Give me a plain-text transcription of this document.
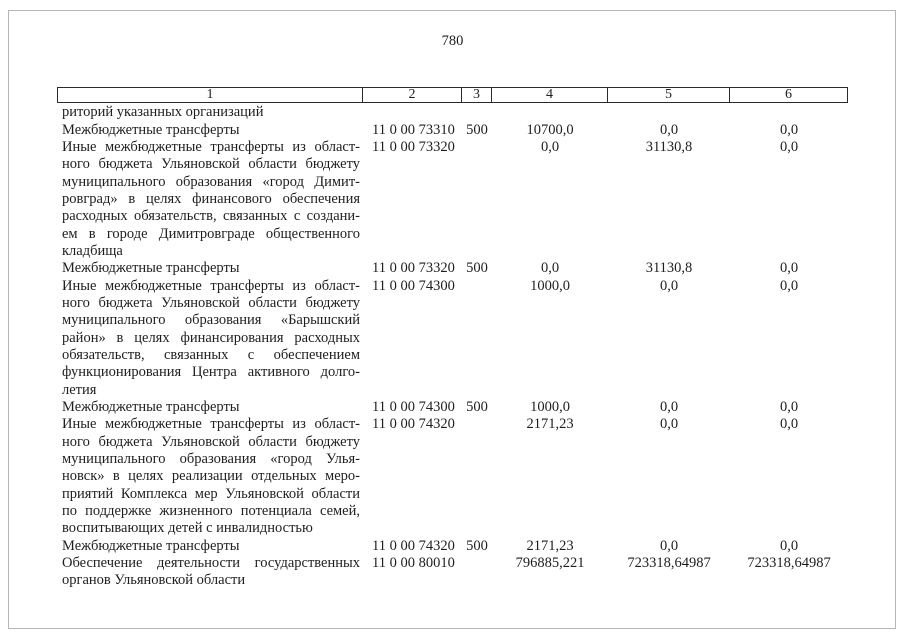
780
1	2	3	4	5	6
риторий указанных организаций
Межбюджетные трансферты	11 0 00 73310 500	10700,0	0,0	0,0
Иные межбюджетные трансферты из област-
ного бюджета Ульяновской области бюджету
муниципального образования «город Димит-
ровград» в целях финансового обеспечения
расходных обязательств, связанных с создани-
ем в городе Димитровграде общественного
кладбища
11 0 00 73320	0,0	31130,8	0,0
Межбюджетные трансферты	11 0 00 73320 500	0,0	31130,8	0,0
Иные межбюджетные трансферты из област-
ного бюджета Ульяновской области бюджету
муниципального образования «Барышский
район» в целях финансирования расходных
обязательств, связанных с обеспечением
функционирования Центра активного долго-
летия
11 0 00 74300	1000,0	0,0	0,0
Межбюджетные трансферты	11 0 00 74300 500	1000,0	0,0	0,0
Иные межбюджетные трансферты из област-
ного бюджета Ульяновской области бюджету
муниципального образования «город Улья-
новск» в целях реализации отдельных меро-
приятий Комплекса мер Ульяновской области
по поддержке жизненного потенциала семей,
воспитывающих детей с инвалидностью
11 0 00 74320	2171,23	0,0	0,0
Межбюджетные трансферты	11 0 00 74320 500	2171,23	0,0	0,0
Обеспечение деятельности государственных
органов Ульяновской области
11 0 00 80010	796885,221	723318,64987	723318,64987
